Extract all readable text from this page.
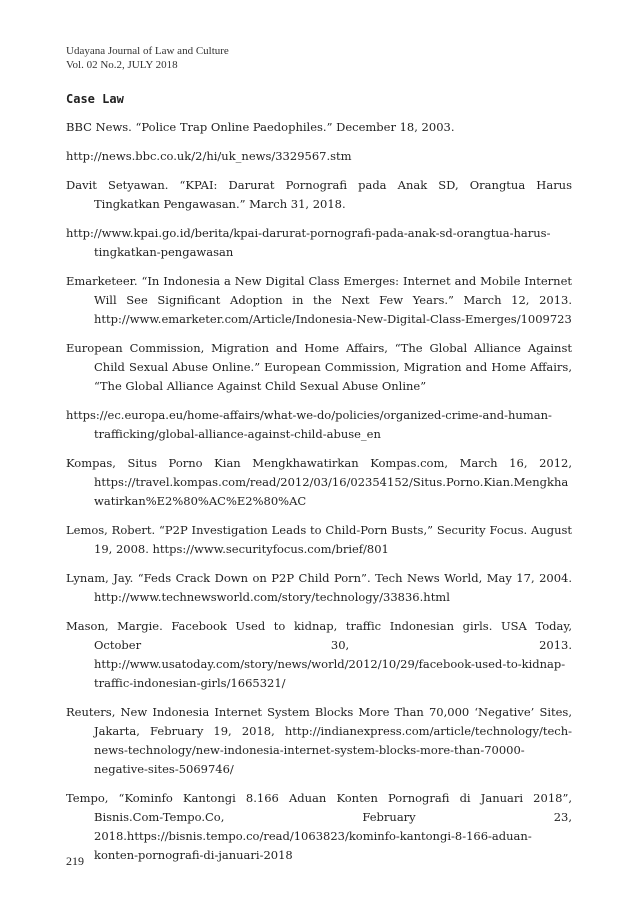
Udayana Journal of Law and Culture
Vol. 02 No.2, JULY 2018
Case Law

BBC News. “Police Trap Online Paedophiles.” December 18, 2003.

http://news.bbc.co.uk/2/hi/uk_news/3329567.stm

Davit Setyawan. “KPAI: Darurat Pornografi pada Anak SD, Orangtua Harus Tingkatkan Pengawasan.” March 31, 2018.

http://www.kpai.go.id/berita/kpai-darurat-pornografi-pada-anak-sd-orangtua-harus-tingkatkan-pengawasan

Emarketeer. “In Indonesia a New Digital Class Emerges: Internet and Mobile Internet Will See Significant Adoption in the Next Few Years.” March 12, 2013. http://www.emarketer.com/Article/Indonesia-New-Digital-Class-Emerges/1009723

European Commission, Migration and Home Affairs, “The Global Alliance Against Child Sexual Abuse Online.” European Commission, Migration and Home Affairs, “The Global Alliance Against Child Sexual Abuse Online”

https://ec.europa.eu/home-affairs/what-we-do/policies/organized-crime-and-human-trafficking/global-alliance-against-child-abuse_en

Kompas, Situs Porno Kian Mengkhawatirkan Kompas.com, March 16, 2012, https://travel.kompas.com/read/2012/03/16/02354152/Situs.Porno.Kian.Mengkhawatirkan%E2%80%AC%E2%80%AC

Lemos, Robert. “P2P Investigation Leads to Child-Porn Busts,” Security Focus. August 19, 2008. https://www.securityfocus.com/brief/801

Lynam, Jay. “Feds Crack Down on P2P Child Porn”. Tech News World, May 17, 2004. http://www.technewsworld.com/story/technology/33836.html

Mason, Margie. Facebook Used to kidnap, traffic Indonesian girls. USA Today, October 30, 2013. http://www.usatoday.com/story/news/world/2012/10/29/facebook-used-to-kidnap-traffic-indonesian-girls/1665321/

Reuters, New Indonesia Internet System Blocks More Than 70,000 ‘Negative’ Sites, Jakarta, February 19, 2018, http://indianexpress.com/article/technology/tech-news-technology/new-indonesia-internet-system-blocks-more-than-70000-negative-sites-5069746/

Tempo, “Kominfo Kantongi 8.166 Aduan Konten Pornografi di Januari 2018”, Bisnis.Com-Tempo.Co, February 23, 2018.https://bisnis.tempo.co/read/1063823/kominfo-kantongi-8-166-aduan-konten-pornografi-di-januari-2018

219
